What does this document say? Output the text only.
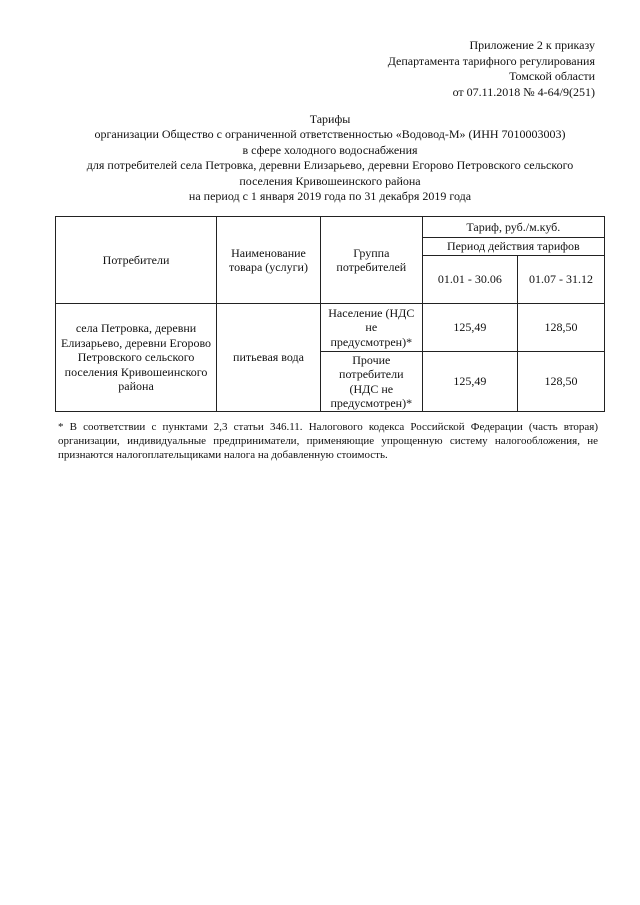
Приложение 2 к приказу
Департамента тарифного регулирования
Томской области
от 07.11.2018 № 4-64/9(251)
Тарифы
организации Общество с ограниченной ответственностью «Водовод-М» (ИНН 7010003003)
в сфере холодного водоснабжения
для потребителей села Петровка, деревни Елизарьево, деревни Егорово Петровского сельского
поселения Кривошеинского района
на период с 1 января 2019 года по 31 декабря 2019 года
Потребители	Наименование товара (услуги)	Группа потребителей	Тариф, руб./м.куб.	
			Период действия тарифов	
			01.01 - 30.06	01.07 - 31.12
села Петровка, деревни Елизарьево, деревни Егорово Петровского сельского поселения Кривошеинского района	питьевая вода	Население (НДС не предусмотрен)*	125,49	128,50
		Прочие потребители (НДС не предусмотрен)*	125,49	128,50
* В соответствии с пунктами 2,3 статьи 346.11. Налогового кодекса Российской Федерации (часть вторая) организации, индивидуальные предприниматели, применяющие упрощенную систему налогообложения, не признаются налогоплательщиками налога на добавленную стоимость.
